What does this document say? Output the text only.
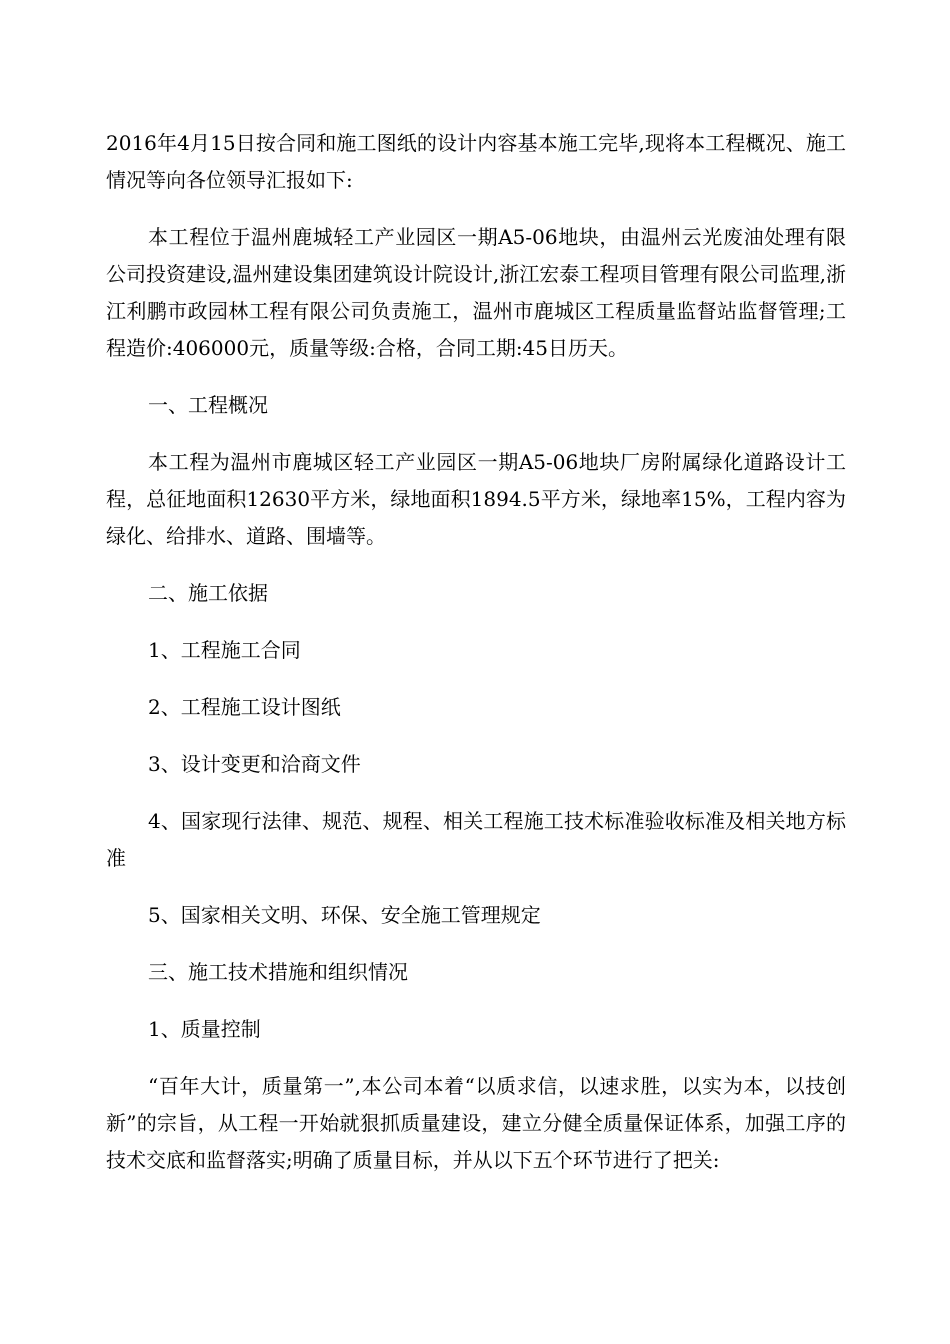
2016年4月15日按合同和施工图纸的设计内容基本施工完毕,现将本工程概况、施工情况等向各位领导汇报如下:

本工程位于温州鹿城轻工产业园区一期A5-06地块，由温州云光废油处理有限公司投资建设,温州建设集团建筑设计院设计,浙江宏泰工程项目管理有限公司监理,浙江利鹏市政园林工程有限公司负责施工，温州市鹿城区工程质量监督站监督管理;工程造价:406000元，质量等级:合格，合同工期:45日历天。

一、工程概况

本工程为温州市鹿城区轻工产业园区一期A5-06地块厂房附属绿化道路设计工程，总征地面积12630平方米，绿地面积1894.5平方米，绿地率15%，工程内容为绿化、给排水、道路、围墙等。

二、施工依据

1、工程施工合同

2、工程施工设计图纸

3、设计变更和洽商文件

4、国家现行法律、规范、规程、相关工程施工技术标准验收标准及相关地方标准

5、国家相关文明、环保、安全施工管理规定

三、施工技术措施和组织情况

1、质量控制

“百年大计，质量第一”,本公司本着“以质求信，以速求胜，以实为本，以技创新”的宗旨，从工程一开始就狠抓质量建设，建立分健全质量保证体系，加强工序的技术交底和监督落实;明确了质量目标，并从以下五个环节进行了把关:
